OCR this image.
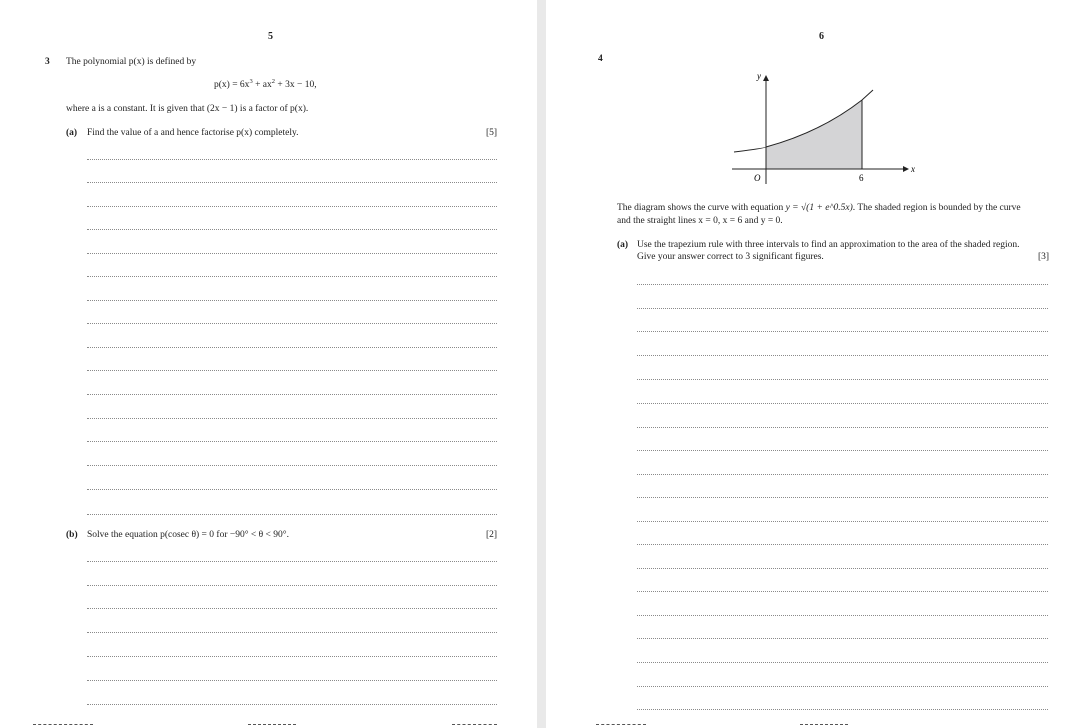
5
3 The polynomial p(x) is defined by
$p(x) = 6x^3 + ax^2 + 3x - 10$,
where a is a constant. It is given that (2x − 1) is a factor of p(x).
(a) Find the value of a and hence factorise p(x) completely.	[5]
(b) Solve the equation p(cosec θ) = 0 for −90° < θ < 90°.	[2]
6
4
y
x
O	6
The diagram shows the curve with equation y = √(1 + e^0.5x). The shaded region is bounded by the curve
and the straight lines x = 0, x = 6 and y = 0.
(a) Use the trapezium rule with three intervals to find an approximation to the area of the shaded region.
Give your answer correct to 3 significant figures.	[3]
